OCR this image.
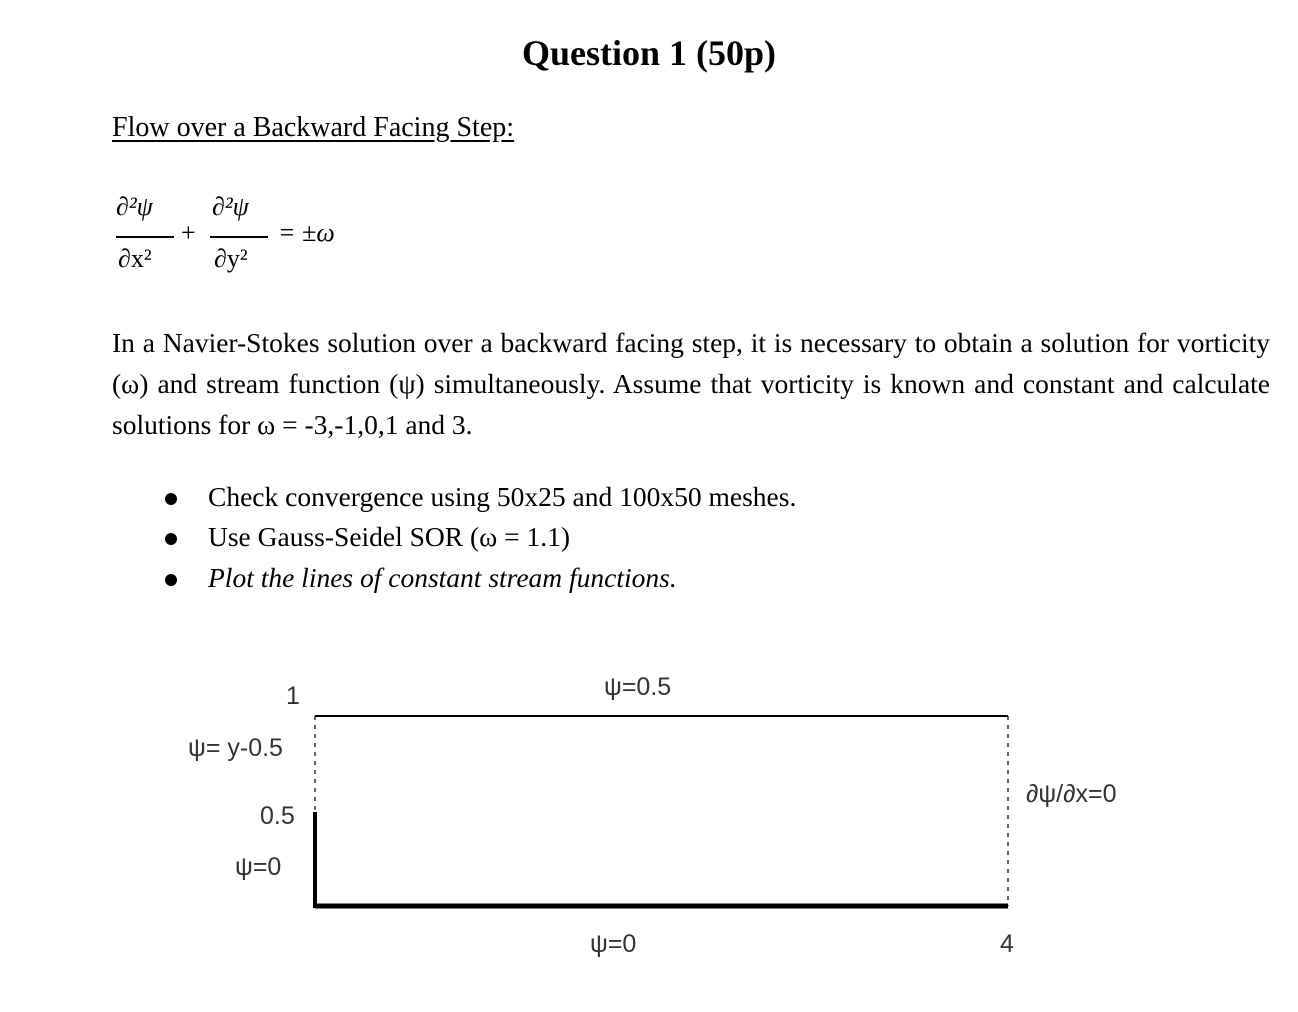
Question 1 (50p)
Flow over a Backward Facing Step:
∂²ψ
∂x²
+
∂²ψ
∂y²
= ±ω
In a Navier-Stokes solution over a backward facing step, it is necessary to obtain a solution for vorticity (ω) and stream function (ψ) simultaneously. Assume that vorticity is known and constant and calculate solutions for ω = -3,-1,0,1 and 3.
Check convergence using 50x25 and 100x50 meshes.
Use Gauss-Seidel SOR (ω = 1.1)
Plot the lines of constant stream functions.
ψ=0.5
1
ψ= y-0.5
0.5
ψ=0
∂ψ/∂x=0
ψ=0	4
